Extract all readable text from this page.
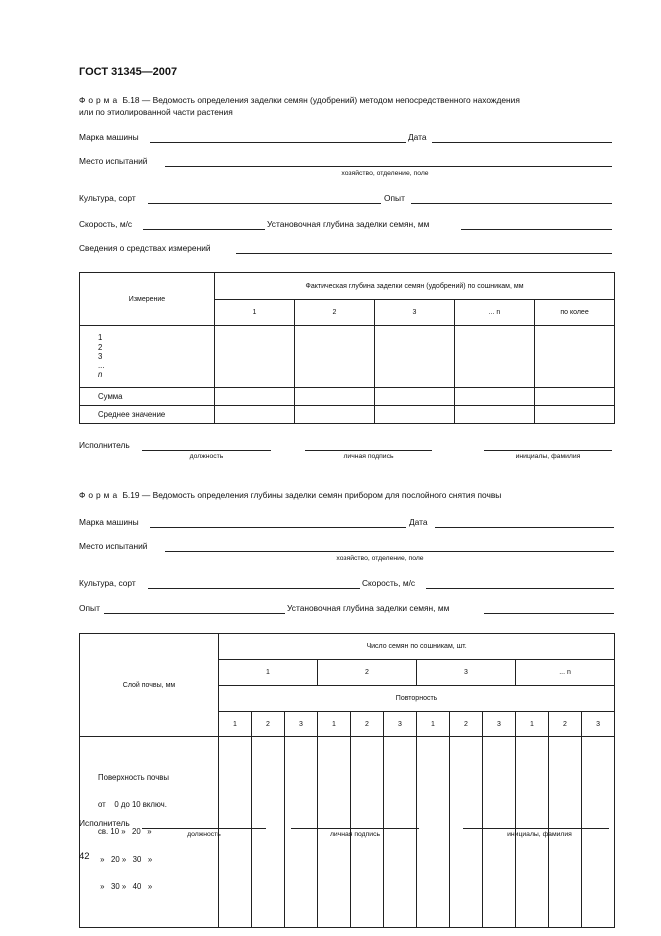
ГОСТ 31345—2007
Форма Б.18 — Ведомость определения заделки семян (удобрений) методом непосредственного нахождения
или по этиолированной части растения
Марка машины	Дата
Место испытаний
хозяйство, отделение, поле
Культура, сорт	Опыт
Скорость, м/с	Установочная глубина заделки семян, мм
Сведения о средствах измерений
Измерение	Фактическая глубина заделки семян (удобрений) по сошникам, мм				
	1	2	3	... n	по колее

1
2
3
...
n					

Сумма					
Среднее значение					
Исполнитель
должность	личная подпись	инициалы, фамилия
Форма Б.19 — Ведомость определения глубины заделки семян прибором для послойного снятия почвы
Марка машины	Дата
Место испытаний
хозяйство, отделение, поле
Культура, сорт	Скорость, м/с
Опыт	Установочная глубина заделки семян, мм
Слой почвы, мм	Число семян по сошникам, шт.											
	1			2			3			... n		
	Повторность											
	1	2	3	1	2	3	1	2	3	1	2	3

Поверхность почвы

от    0 до 10 включ.

св. 10 »   20   »

»   20 »   30   »

»   30 »   40   »												

Исполнитель
должность	личная подпись	инициалы, фамилия
42
